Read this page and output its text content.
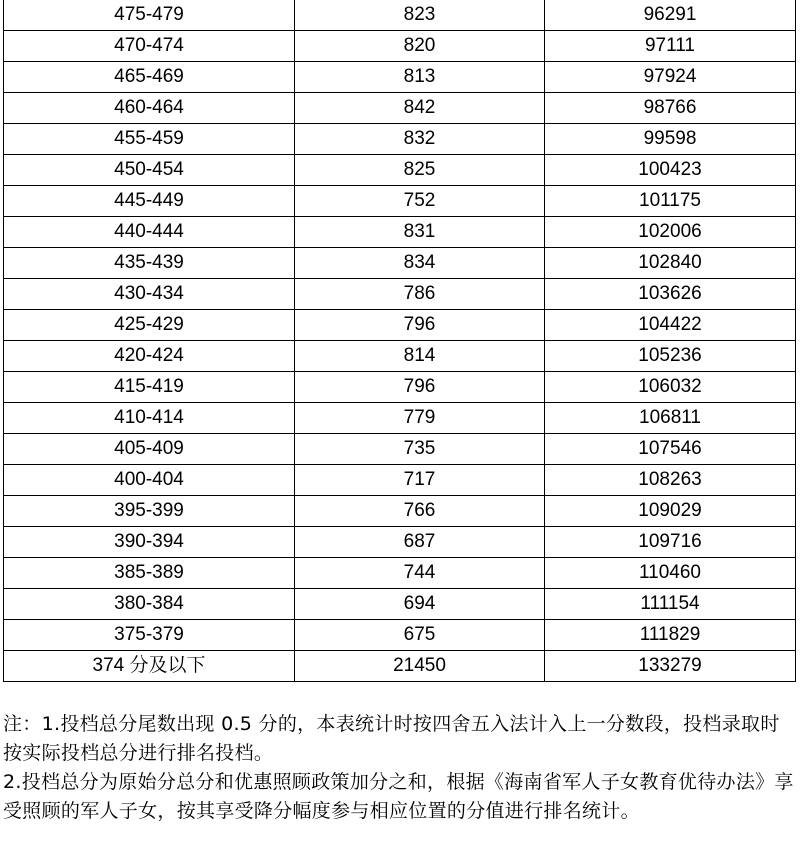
475-479	823	96291
470-474	820	97111
465-469	813	97924
460-464	842	98766
455-459	832	99598
450-454	825	100423
445-449	752	101175
440-444	831	102006
435-439	834	102840
430-434	786	103626
425-429	796	104422
420-424	814	105236
415-419	796	106032
410-414	779	106811
405-409	735	107546
400-404	717	108263
395-399	766	109029
390-394	687	109716
385-389	744	110460
380-384	694	111154
375-379	675	111829
374 分及以下	21450	133279

注：1.投档总分尾数出现 0.5 分的，本表统计时按四舍五入法计入上一分数段，投档录取时按实际投档总分进行排名投档。

2.投档总分为原始分总分和优惠照顾政策加分之和，根据《海南省军人子女教育优待办法》享受照顾的军人子女，按其享受降分幅度参与相应位置的分值进行排名统计。
